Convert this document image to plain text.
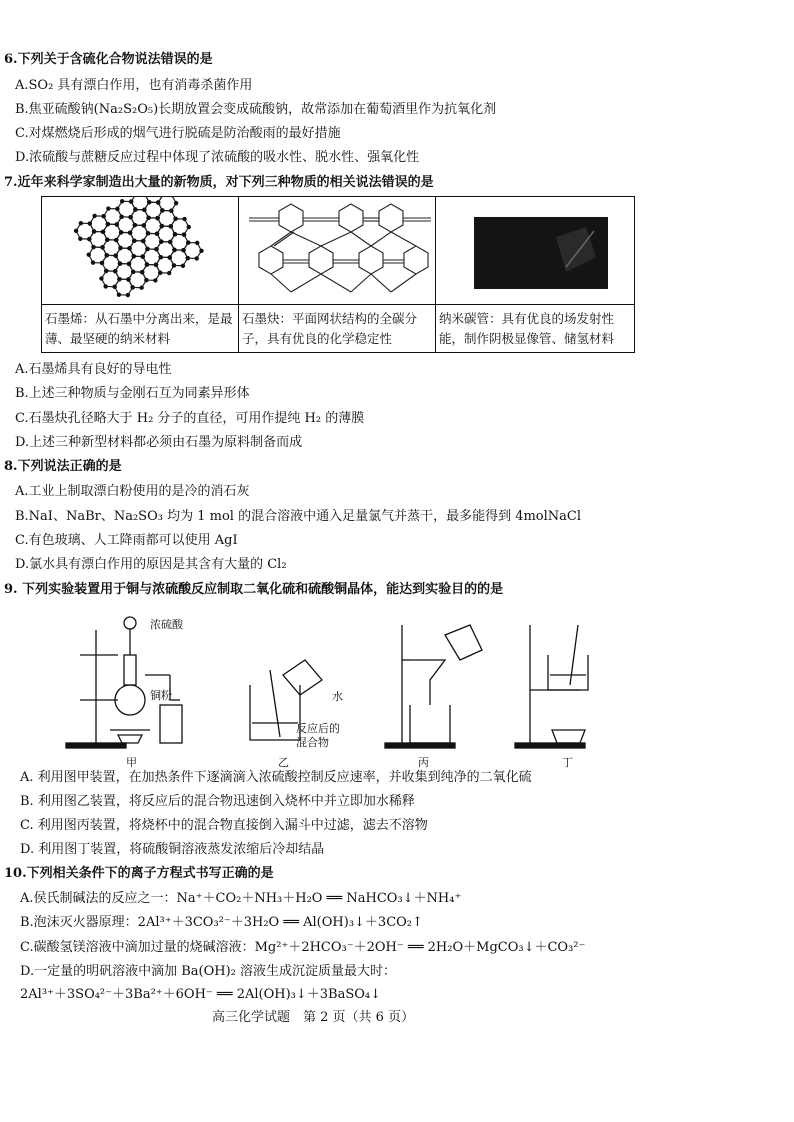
6.下列关于含硫化合物说法错误的是
A.SO₂ 具有漂白作用，也有消毒杀菌作用
B.焦亚硫酸钠(Na₂S₂O₅)长期放置会变成硫酸钠，故常添加在葡萄酒里作为抗氧化剂
C.对煤燃烧后形成的烟气进行脱硫是防治酸雨的最好措施
D.浓硫酸与蔗糖反应过程中体现了浓硫酸的吸水性、脱水性、强氧化性
7.近年来科学家制造出大量的新物质，对下列三种物质的相关说法错误的是
石墨烯：从石墨中分离出来，是最薄、最坚硬的纳米材料
石墨炔：平面网状结构的全碳分子，具有优良的化学稳定性
纳米碳管：具有优良的场发射性能，制作阴极显像管、储氢材料
A.石墨烯具有良好的导电性
B.上述三种物质与金刚石互为同素异形体
C.石墨炔孔径略大于 H₂ 分子的直径，可用作提纯 H₂ 的薄膜
D.上述三种新型材料都必须由石墨为原料制备而成
8.下列说法正确的是
A.工业上制取漂白粉使用的是冷的消石灰
B.NaI、NaBr、Na₂SO₃ 均为 1 mol 的混合溶液中通入足量氯气并蒸干，最多能得到 4molNaCl
C.有色玻璃、人工降雨都可以使用 AgI
D.氯水具有漂白作用的原因是其含有大量的 Cl₂
9. 下列实验装置用于铜与浓硫酸反应制取二氧化硫和硫酸铜晶体，能达到实验目的的是
浓硫酸
铜粉	水
反应后的
混合物
甲	乙	丙	丁
A. 利用图甲装置，在加热条件下逐滴滴入浓硫酸控制反应速率，并收集到纯净的二氧化硫
B. 利用图乙装置，将反应后的混合物迅速倒入烧杯中并立即加水稀释
C. 利用图丙装置，将烧杯中的混合物直接倒入漏斗中过滤，滤去不溶物
D. 利用图丁装置，将硫酸铜溶液蒸发浓缩后冷却结晶
10.下列相关条件下的离子方程式书写正确的是
A.侯氏制碱法的反应之一：Na⁺＋CO₂＋NH₃＋H₂O ══ NaHCO₃↓＋NH₄⁺
B.泡沫灭火器原理：2Al³⁺＋3CO₃²⁻＋3H₂O ══ Al(OH)₃↓＋3CO₂↑
C.碳酸氢镁溶液中滴加过量的烧碱溶液：Mg²⁺＋2HCO₃⁻＋2OH⁻ ══ 2H₂O＋MgCO₃↓＋CO₃²⁻
D.一定量的明矾溶液中滴加 Ba(OH)₂ 溶液生成沉淀质量最大时：
2Al³⁺＋3SO₄²⁻＋3Ba²⁺＋6OH⁻ ══ 2Al(OH)₃↓＋3BaSO₄↓
高三化学试题　第 2 页（共 6 页）
